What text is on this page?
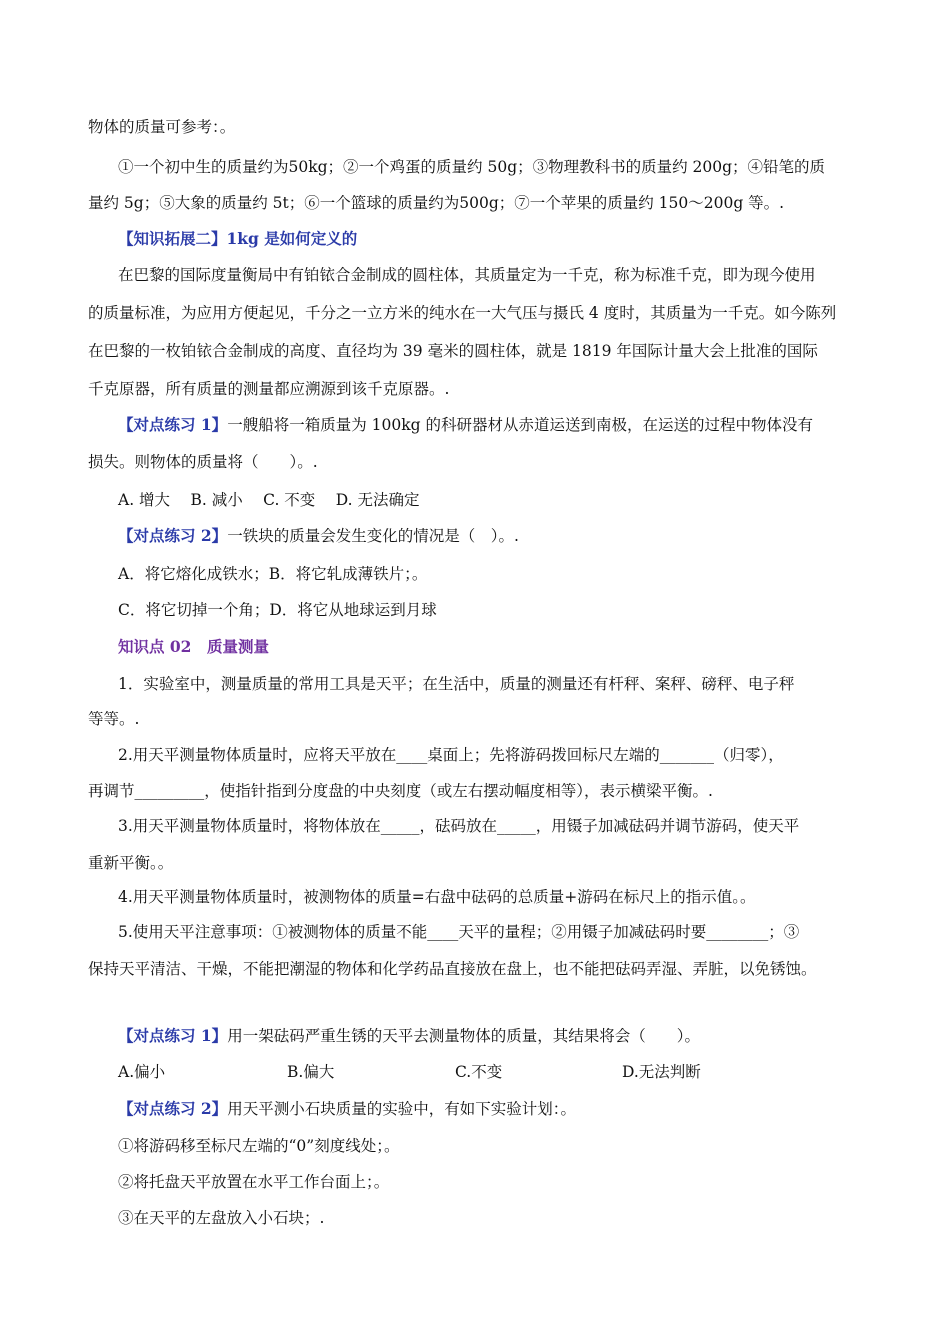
物体的质量可参考：。
①一个初中生的质量约为50kg；②一个鸡蛋的质量约 50g；③物理教科书的质量约 200g；④铅笔的质
量约 5g；⑤大象的质量约 5t；⑥一个篮球的质量约为500g；⑦一个苹果的质量约 150～200g 等。.
【知识拓展二】1kg 是如何定义的
在巴黎的国际度量衡局中有铂铱合金制成的圆柱体，其质量定为一千克，称为标准千克，即为现今使用
的质量标准，为应用方便起见，千分之一立方米的纯水在一大气压与摄氏 4 度时，其质量为一千克。如今陈列
在巴黎的一枚铂铱合金制成的高度、直径均为 39 毫米的圆柱体，就是 1819 年国际计量大会上批准的国际
千克原器，所有质量的测量都应溯源到该千克原器。.
【对点练习 1】一艘船将一箱质量为 100kg 的科研器材从赤道运送到南极，在运送的过程中物体没有
损失。则物体的质量将（　　）。.
A. 增大　 B. 减小　 C. 不变　 D. 无法确定
【对点练习 2】一铁块的质量会发生变化的情况是（　）。.
A．将它熔化成铁水；B．将它轧成薄铁片；。
C．将它切掉一个角；D．将它从地球运到月球
知识点 02　质量测量
1．实验室中，测量质量的常用工具是天平；在生活中，质量的测量还有杆秤、案秤、磅秤、电子秤
等等。.
2.用天平测量物体质量时，应将天平放在____桌面上；先将游码拨回标尺左端的_______（归零），
再调节_________，使指针指到分度盘的中央刻度（或左右摆动幅度相等），表示横梁平衡。.
3.用天平测量物体质量时，将物体放在_____，砝码放在_____，用镊子加减砝码并调节游码，使天平
重新平衡。。
4.用天平测量物体质量时，被测物体的质量=右盘中砝码的总质量+游码在标尺上的指示值。。
5.使用天平注意事项：①被测物体的质量不能____天平的量程；②用镊子加减砝码时要________；③
保持天平清洁、干燥，不能把潮湿的物体和化学药品直接放在盘上，也不能把砝码弄湿、弄脏，以免锈蚀。
【对点练习 1】用一架砝码严重生锈的天平去测量物体的质量，其结果将会（　　）。
A.偏小	B.偏大	C.不变	D.无法判断
【对点练习 2】用天平测小石块质量的实验中，有如下实验计划：。
①将游码移至标尺左端的“0”刻度线处；。
②将托盘天平放置在水平工作台面上；。
③在天平的左盘放入小石块；.
